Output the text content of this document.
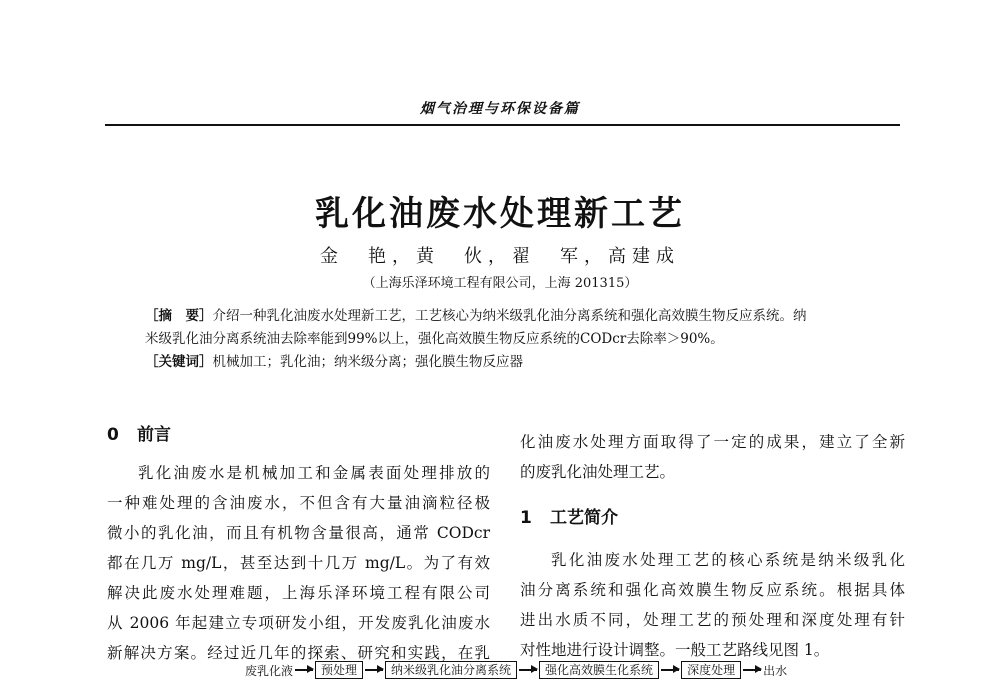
烟气治理与环保设备篇
乳化油废水处理新工艺
金　艳，黄　伙，翟　军，高建成
（上海乐泽环境工程有限公司，上海 201315）
［摘　要］介绍一种乳化油废水处理新工艺，工艺核心为纳米级乳化油分离系统和强化高效膜生物反应系统。纳
米级乳化油分离系统油去除率能到99%以上，强化高效膜生物反应系统的CODcr去除率＞90%。
［关键词］机械加工；乳化油；纳米级分离；强化膜生物反应器
0 前言
乳化油废水是机械加工和金属表面处理排放的
一种难处理的含油废水，不但含有大量油滴粒径极
微小的乳化油，而且有机物含量很高，通常 CODcr
都在几万 mg/L，甚至达到十几万 mg/L。为了有效
解决此废水处理难题，上海乐泽环境工程有限公司
从 2006 年起建立专项研发小组，开发废乳化油废水
新解决方案。经过近几年的探索、研究和实践，在乳
化油废水处理方面取得了一定的成果，建立了全新
的废乳化油处理工艺。
1 工艺简介
乳化油废水处理工艺的核心系统是纳米级乳化
油分离系统和强化高效膜生物反应系统。根据具体
进出水质不同，处理工艺的预处理和深度处理有针
对性地进行设计调整。一般工艺路线见图 1。
废乳化液	预处理	纳米级乳化油分离系统	强化高效膜生化系统	深度处理	出水
